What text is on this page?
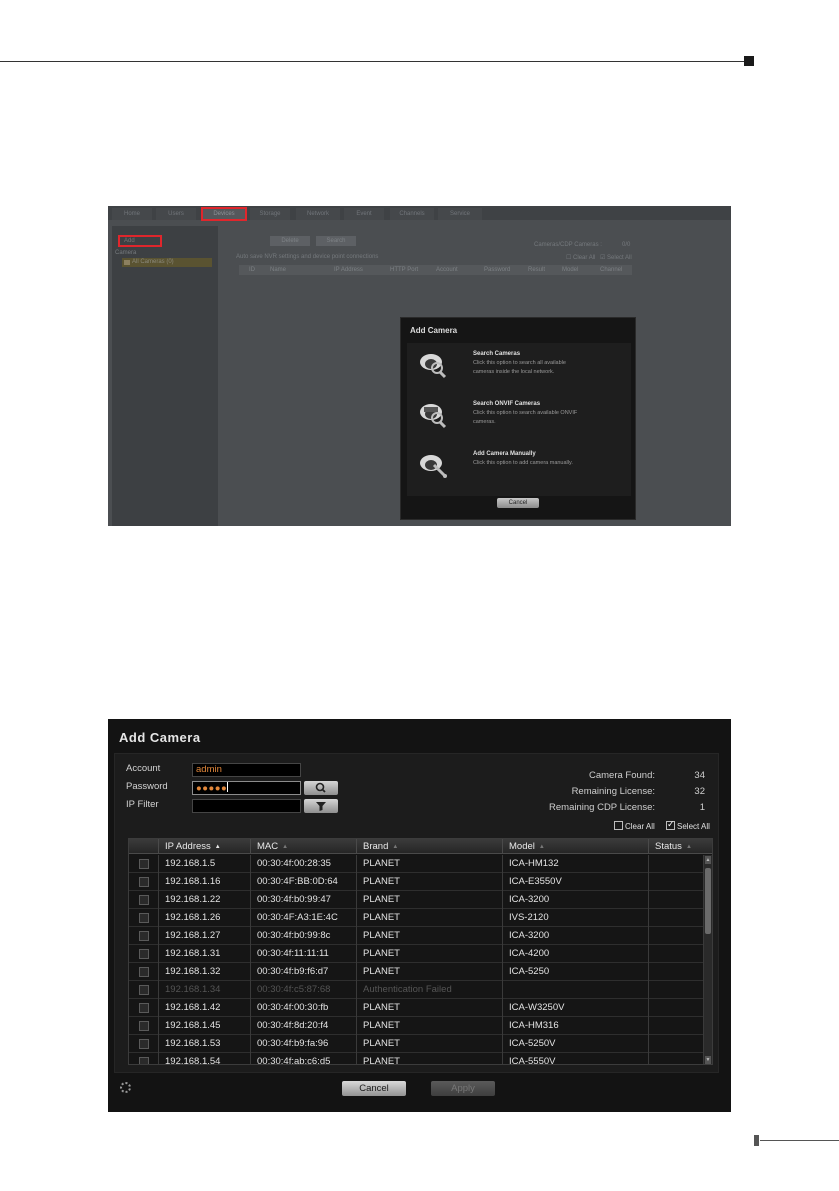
Home	Users	Devices	Storage	Network	Event	Channels	Service
Add
Camera
All Cameras (0)
Delete	Search
Cameras/CDP Cameras :	0/0
Auto save NVR settings and device point connections	☐ Clear All ☑ Select All
ID	Name	IP Address	HTTP Port	Account	Password	Result	Model	Channel
Add Camera
Search Cameras
Click this option to search all available cameras inside the local network.
Search ONVIF Cameras
Click this option to search available ONVIF cameras.
Add Camera Manually
Click this option to add camera manually.
Cancel
Add Camera
Account	admin
Password	●●●●●
IP Filter
Camera Found:	34
Remaining License:	32
Remaining CDP License:	1
Clear All ✓	Select All
IP Address ▲	MAC ▲	Brand ▲	Model ▲	Status ▲
192.168.1.5	00:30:4f:00:28:35	PLANET	ICA-HM132
192.168.1.16	00:30:4F:BB:0D:64	PLANET	ICA-E3550V
192.168.1.22	00:30:4f:b0:99:47	PLANET	ICA-3200
192.168.1.26	00:30:4F:A3:1E:4C	PLANET	IVS-2120
192.168.1.27	00:30:4f:b0:99:8c	PLANET	ICA-3200
192.168.1.31	00:30:4f:11:11:11	PLANET	ICA-4200
192.168.1.32	00:30:4f:b9:f6:d7	PLANET	ICA-5250
192.168.1.34	00:30:4f:c5:87:68	Authentication Failed
192.168.1.42	00:30:4f:00:30:fb	PLANET	ICA-W3250V
192.168.1.45	00:30:4f:8d:20:f4	PLANET	ICA-HM316
192.168.1.53	00:30:4f:b9:fa:96	PLANET	ICA-5250V
192.168.1.54	00:30:4f:ab:c6:d5	PLANET	ICA-5550V
▲
▼
Cancel	Apply
